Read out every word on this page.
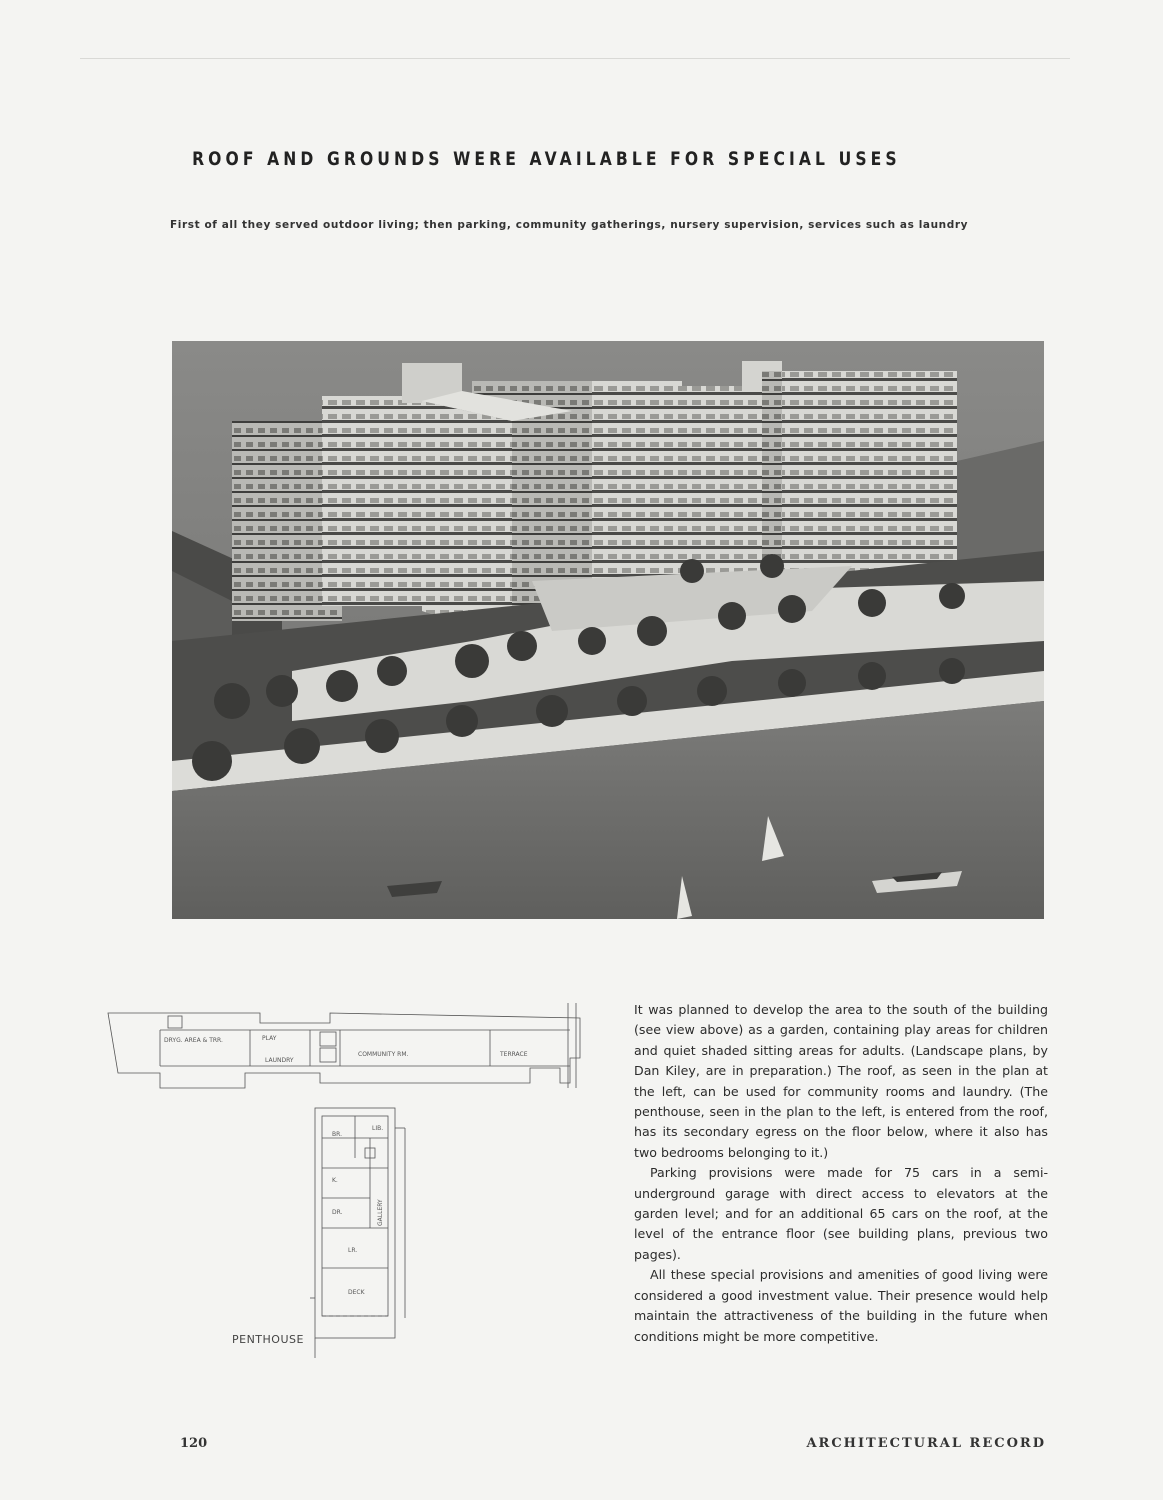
ROOF AND GROUNDS WERE AVAILABLE FOR SPECIAL USES
First of all they served outdoor living; then parking, community gatherings, nursery supervision, services such as laundry
DRYG. AREA & TRR.	PLAY
LAUNDRY
COMMUNITY RM.	TERRACE
BR.
LIB.
K.
DR.
LR.
DECK
GALLERY
PENTHOUSE

It was planned to develop the area to the south of the building (see view above) as a garden, containing play areas for children and quiet shaded sitting areas for adults. (Landscape plans, by Dan Kiley, are in preparation.) The roof, as seen in the plan at the left, can be used for community rooms and laundry. (The penthouse, seen in the plan to the left, is entered from the roof, has its secondary egress on the floor below, where it also has two bedrooms belonging to it.)

Parking provisions were made for 75 cars in a semi-underground garage with direct access to elevators at the garden level; and for an additional 65 cars on the roof, at the level of the entrance floor (see building plans, previous two pages).

All these special provisions and amenities of good living were considered a good investment value. Their presence would help maintain the attractiveness of the building in the future when conditions might be more competitive.

120	ARCHITECTURAL RECORD
